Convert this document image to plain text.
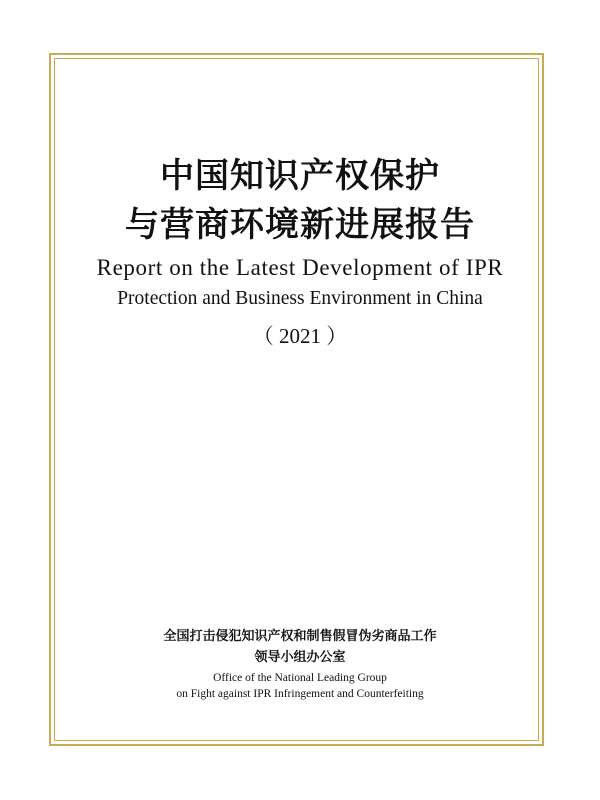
中国知识产权保护
与营商环境新进展报告
Report on the Latest Development of IPR
Protection and Business Environment in China
（ 2021 ）
全国打击侵犯知识产权和制售假冒伪劣商品工作
领导小组办公室
Office of the National Leading Group
on Fight against IPR Infringement and Counterfeiting
